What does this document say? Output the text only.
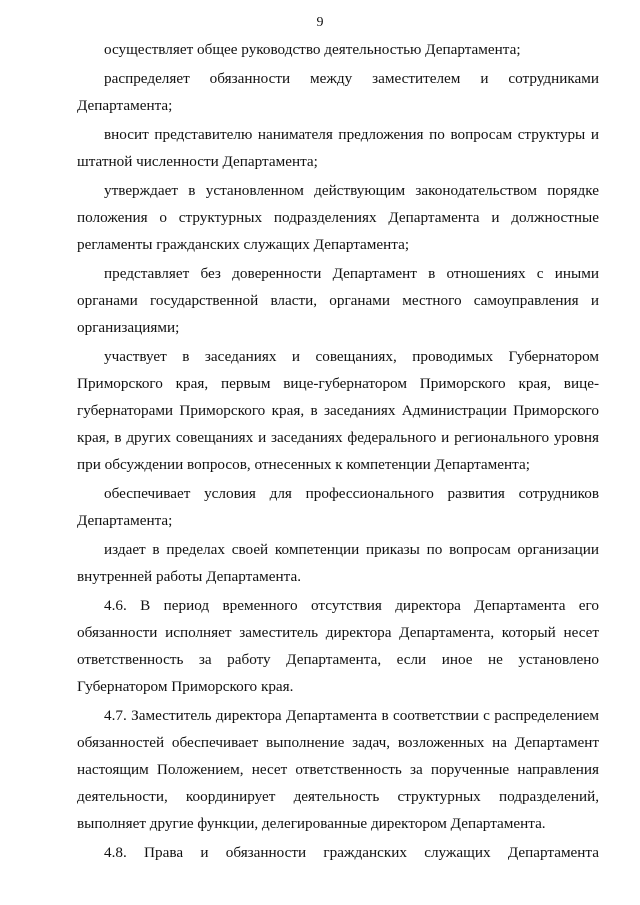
9

осуществляет общее руководство деятельностью Департамента;

распределяет обязанности между заместителем и сотрудниками Департамента;

вносит представителю нанимателя предложения по вопросам структуры и штатной численности Департамента;

утверждает в установленном действующим законодательством порядке положения о структурных подразделениях Департамента и должностные регламенты гражданских служащих Департамента;

представляет без доверенности Департамент в отношениях с иными органами государственной власти, органами местного самоуправления и организациями;

участвует в заседаниях и совещаниях, проводимых Губернатором Приморского края, первым вице-губернатором Приморского края, вице-губернаторами Приморского края, в заседаниях Администрации Приморского края, в других совещаниях и заседаниях федерального и регионального уровня при обсуждении вопросов, отнесенных к компетенции Департамента;

обеспечивает условия для профессионального развития сотрудников Департамента;

издает в пределах своей компетенции приказы по вопросам организации внутренней работы Департамента.

4.6. В период временного отсутствия директора Департамента его обязанности исполняет заместитель директора Департамента, который несет ответственность за работу Департамента, если иное не установлено Губернатором Приморского края.

4.7. Заместитель директора Департамента в соответствии с распределением обязанностей обеспечивает выполнение задач, возложенных на Департамент настоящим Положением, несет ответственность за порученные направления деятельности, координирует деятельность структурных подразделений, выполняет другие функции, делегированные директором Департамента.

4.8. Права и обязанности гражданских служащих Департамента
